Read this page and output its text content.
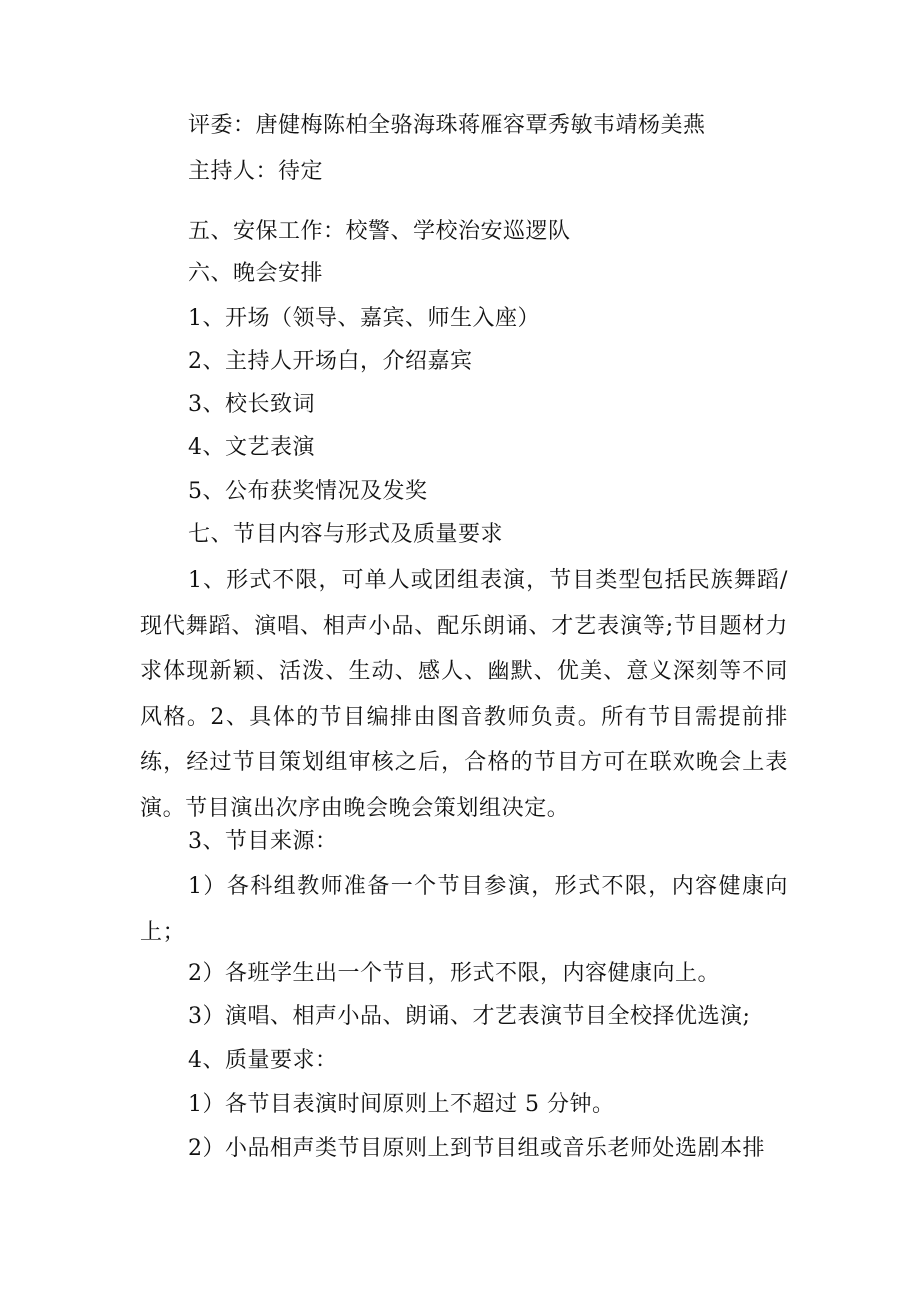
评委：唐健梅陈柏全骆海珠蒋雁容覃秀敏韦靖杨美燕
主持人：待定
五、安保工作：校警、学校治安巡逻队
六、晚会安排
1、开场（领导、嘉宾、师生入座）
2、主持人开场白，介绍嘉宾
3、校长致词
4、文艺表演
5、公布获奖情况及发奖
七、节目内容与形式及质量要求
1、形式不限，可单人或团组表演，节目类型包括民族舞蹈/现代舞蹈、演唱、相声小品、配乐朗诵、才艺表演等;节目题材力求体现新颖、活泼、生动、感人、幽默、优美、意义深刻等不同风格。2、具体的节目编排由图音教师负责。所有节目需提前排练，经过节目策划组审核之后，合格的节目方可在联欢晚会上表演。节目演出次序由晚会晚会策划组决定。
3、节目来源：
1）各科组教师准备一个节目参演，形式不限，内容健康向上；
2）各班学生出一个节目，形式不限，内容健康向上。
3）演唱、相声小品、朗诵、才艺表演节目全校择优选演;
4、质量要求：
1）各节目表演时间原则上不超过 5 分钟。
2）小品相声类节目原则上到节目组或音乐老师处选剧本排
